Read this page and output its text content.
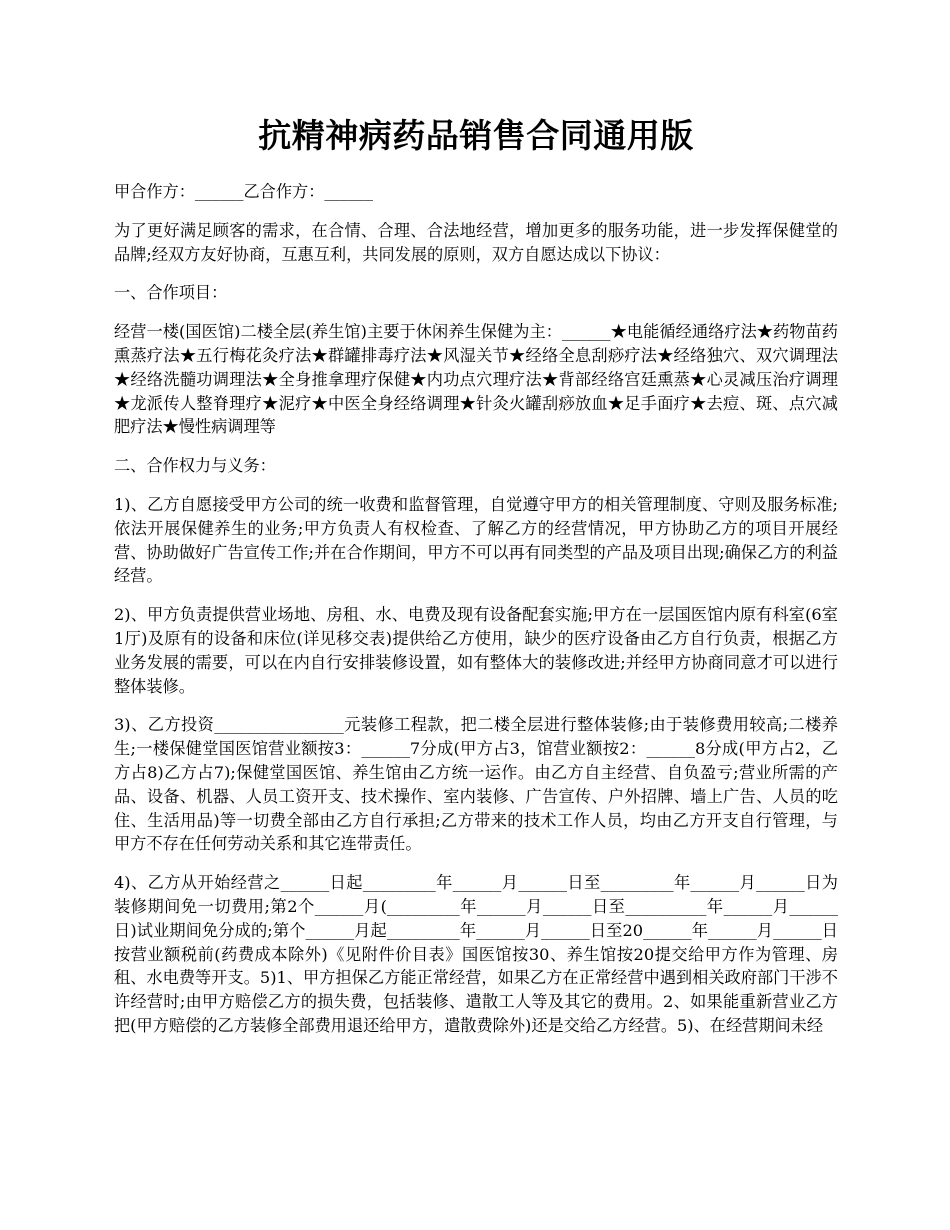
抗精神病药品销售合同通用版

甲合作方：______乙合作方：______

为了更好满足顾客的需求，在合情、合理、合法地经营，增加更多的服务功能，进一步发挥保健堂的品牌;经双方友好协商，互惠互利，共同发展的原则，双方自愿达成以下协议：

一、合作项目：

经营一楼(国医馆)二楼全层(养生馆)主要于休闲养生保健为主：______★电能循经通络疗法★药物苗药熏蒸疗法★五行梅花灸疗法★群罐排毒疗法★风湿关节★经络全息刮痧疗法★经络独穴、双穴调理法★经络洗髓功调理法★全身推拿理疗保健★内功点穴理疗法★背部经络宫廷熏蒸★心灵减压治疗调理★龙派传人整脊理疗★泥疗★中医全身经络调理★针灸火罐刮痧放血★足手面疗★去痘、斑、点穴减肥疗法★慢性病调理等

二、合作权力与义务：

1)、乙方自愿接受甲方公司的统一收费和监督管理，自觉遵守甲方的相关管理制度、守则及服务标准;依法开展保健养生的业务;甲方负责人有权检查、了解乙方的经营情况，甲方协助乙方的项目开展经营、协助做好广告宣传工作;并在合作期间，甲方不可以再有同类型的产品及项目出现;确保乙方的利益经营。

2)、甲方负责提供营业场地、房租、水、电费及现有设备配套实施;甲方在一层国医馆内原有科室(6室1厅)及原有的设备和床位(详见移交表)提供给乙方使用，缺少的医疗设备由乙方自行负责，根据乙方业务发展的需要，可以在内自行安排装修设置，如有整体大的装修改进;并经甲方协商同意才可以进行整体装修。

3)、乙方投资________________元装修工程款，把二楼全层进行整体装修;由于装修费用较高;二楼养生;一楼保健堂国医馆营业额按3：______7分成(甲方占3，馆营业额按2：______8分成(甲方占2，乙方占8)乙方占7);保健堂国医馆、养生馆由乙方统一运作。由乙方自主经营、自负盈亏;营业所需的产品、设备、机器、人员工资开支、技术操作、室内装修、广告宣传、户外招牌、墙上广告、人员的吃住、生活用品)等一切费全部由乙方自行承担;乙方带来的技术工作人员，均由乙方开支自行管理，与甲方不存在任何劳动关系和其它连带责任。

4)、乙方从开始经营之______日起_________年______月______日至_________年______月______日为装修期间免一切费用;第2个______月(_________年______月______日至__________年______月______日)试业期间免分成的;第个______月起_________年______月______日至20______年______月______日按营业额税前(药费成本除外)《见附件价目表》国医馆按30、养生馆按20提交给甲方作为管理、房租、水电费等开支。5)1、甲方担保乙方能正常经营，如果乙方在正常经营中遇到相关政府部门干涉不许经营时;由甲方赔偿乙方的损失费，包括装修、遣散工人等及其它的费用。2、如果能重新营业乙方把(甲方赔偿的乙方装修全部费用退还给甲方，遣散费除外)还是交给乙方经营。5)、在经营期间未经
